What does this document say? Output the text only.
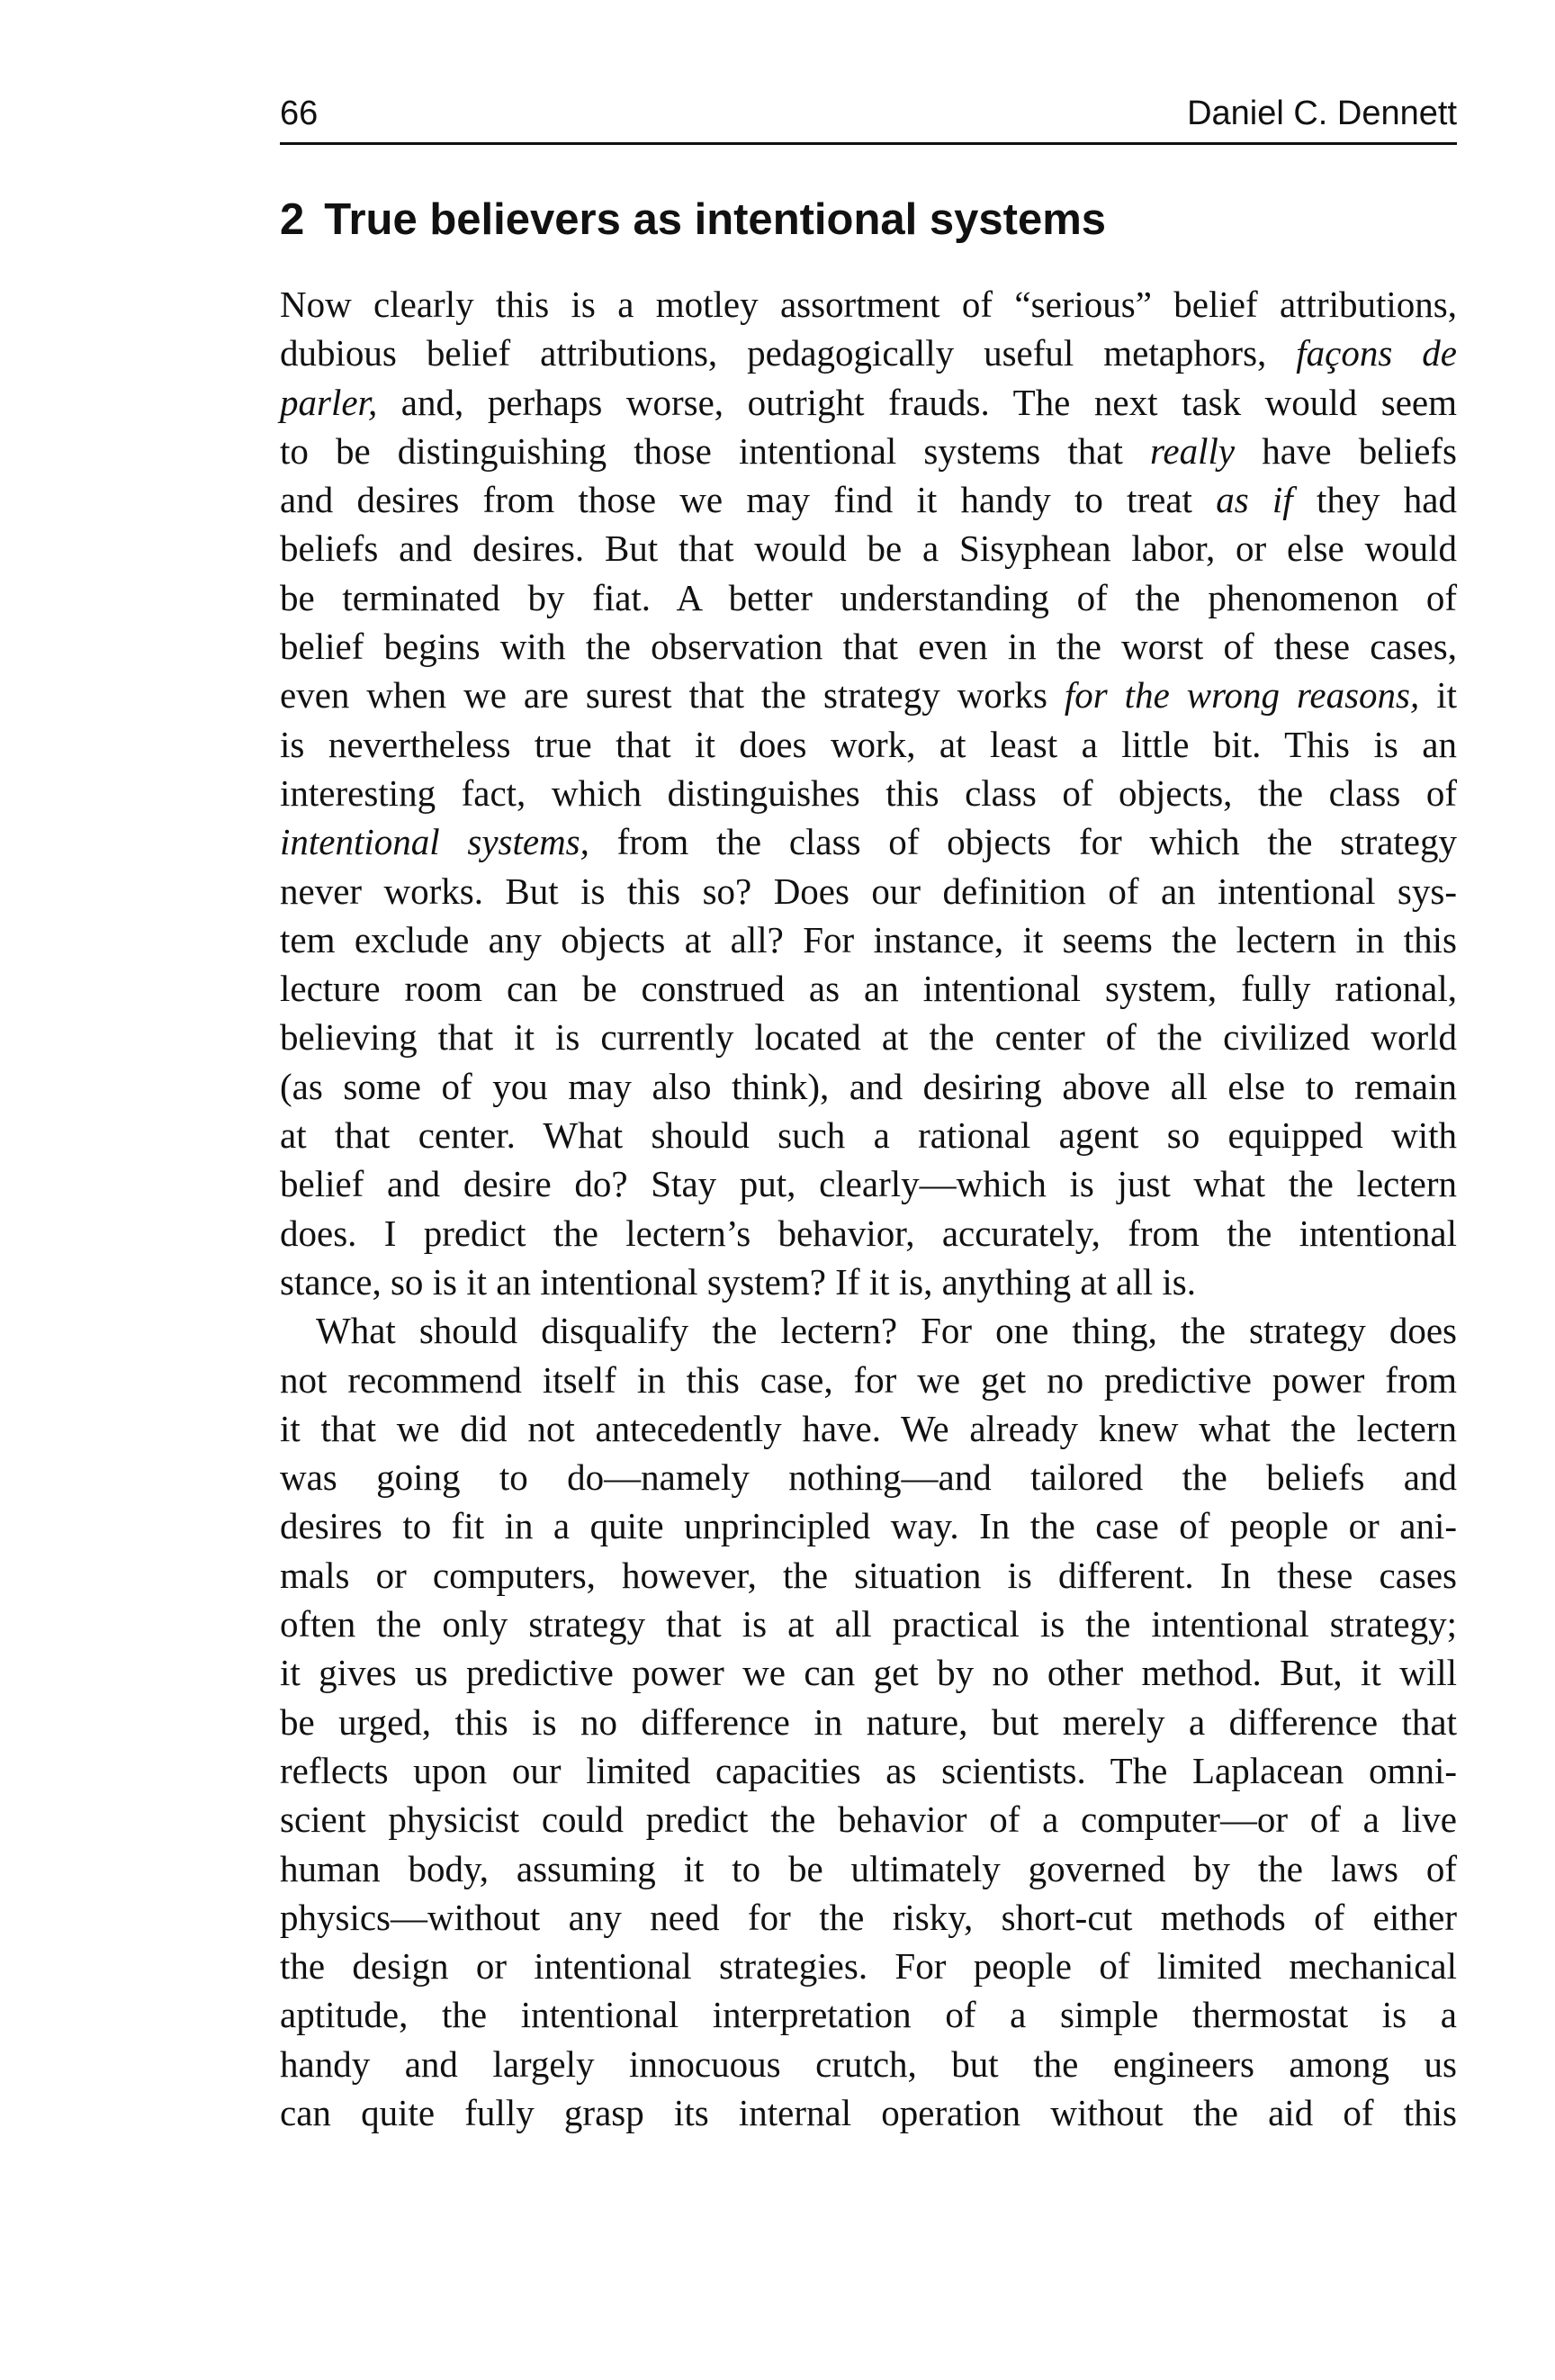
66	Daniel C. Dennett
2 True believers as intentional systems
Now clearly this is a motley assortment of “serious” belief attributions,
dubious belief attributions, pedagogically useful metaphors, façons de
parler, and, perhaps worse, outright frauds. The next task would seem
to be distinguishing those intentional systems that really have beliefs
and desires from those we may find it handy to treat as if they had
beliefs and desires. But that would be a Sisyphean labor, or else would
be terminated by fiat. A better understanding of the phenomenon of
belief begins with the observation that even in the worst of these cases,
even when we are surest that the strategy works for the wrong reasons, it
is nevertheless true that it does work, at least a little bit. This is an
interesting fact, which distinguishes this class of objects, the class of
intentional systems, from the class of objects for which the strategy
never works. But is this so? Does our definition of an intentional sys-
tem exclude any objects at all? For instance, it seems the lectern in this
lecture room can be construed as an intentional system, fully rational,
believing that it is currently located at the center of the civilized world
(as some of you may also think), and desiring above all else to remain
at that center. What should such a rational agent so equipped with
belief and desire do? Stay put, clearly—which is just what the lectern
does. I predict the lectern’s behavior, accurately, from the intentional
stance, so is it an intentional system? If it is, anything at all is.
What should disqualify the lectern? For one thing, the strategy does
not recommend itself in this case, for we get no predictive power from
it that we did not antecedently have. We already knew what the lectern
was going to do—namely nothing—and tailored the beliefs and
desires to fit in a quite unprincipled way. In the case of people or ani-
mals or computers, however, the situation is different. In these cases
often the only strategy that is at all practical is the intentional strategy;
it gives us predictive power we can get by no other method. But, it will
be urged, this is no difference in nature, but merely a difference that
reflects upon our limited capacities as scientists. The Laplacean omni-
scient physicist could predict the behavior of a computer—or of a live
human body, assuming it to be ultimately governed by the laws of
physics—without any need for the risky, short-cut methods of either
the design or intentional strategies. For people of limited mechanical
aptitude, the intentional interpretation of a simple thermostat is a
handy and largely innocuous crutch, but the engineers among us
can quite fully grasp its internal operation without the aid of this
